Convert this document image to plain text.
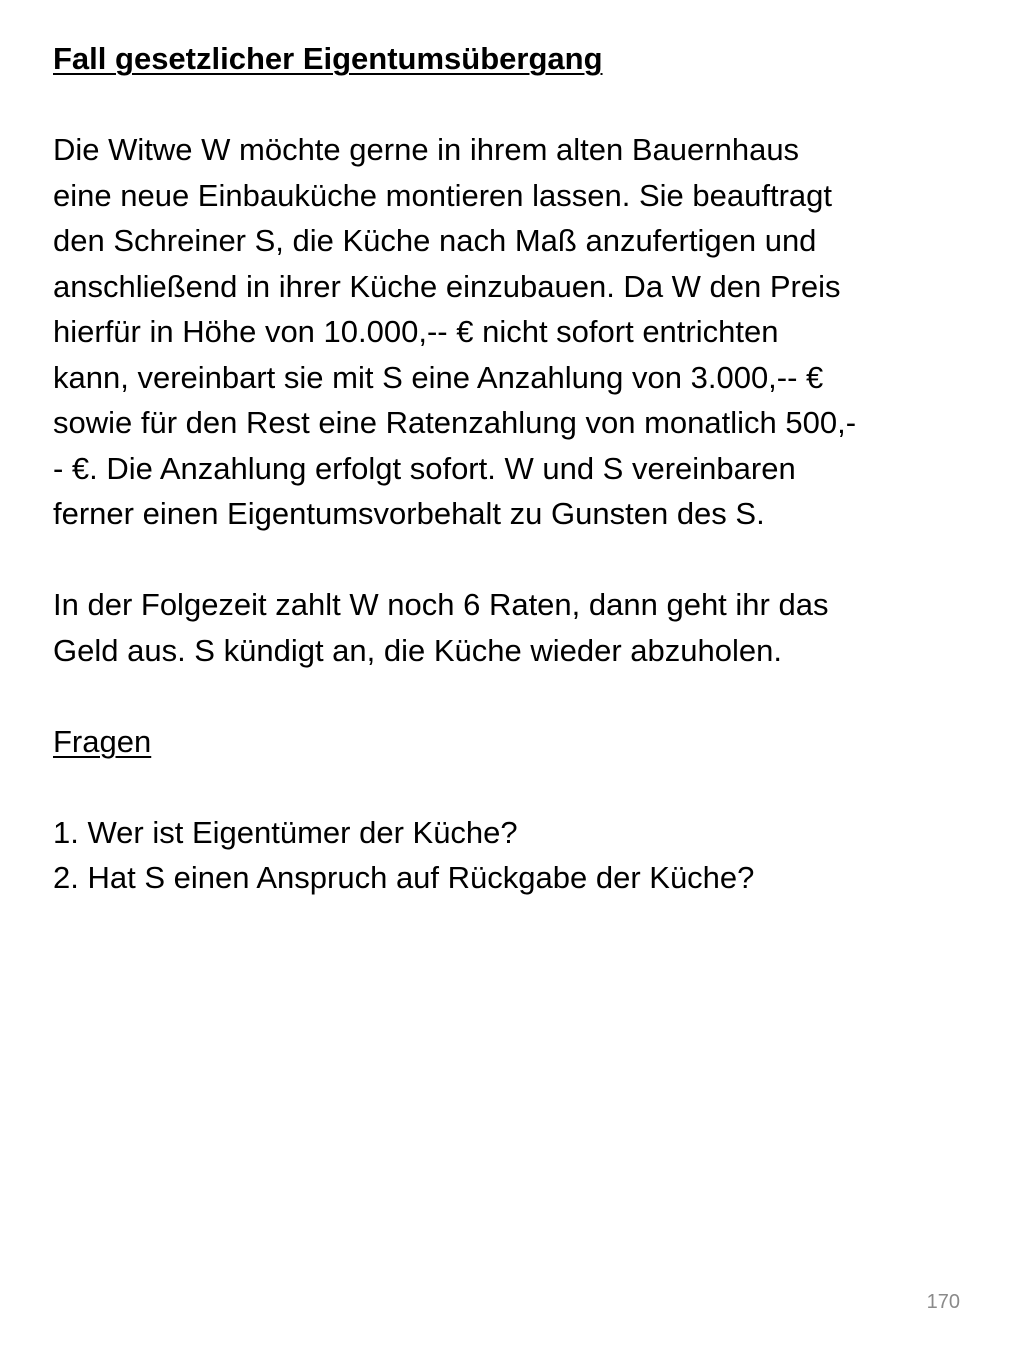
Fall gesetzlicher Eigentumsübergang
Die Witwe W möchte gerne in ihrem alten Bauernhaus
eine neue Einbauküche montieren lassen. Sie beauftragt
den Schreiner S, die Küche nach Maß anzufertigen und
anschließend in ihrer Küche einzubauen. Da W den Preis
hierfür in Höhe von 10.000,-- € nicht sofort entrichten
kann, vereinbart sie mit S eine Anzahlung von 3.000,-- €
sowie für den Rest eine Ratenzahlung von monatlich 500,-
- €. Die Anzahlung erfolgt sofort. W und S vereinbaren
ferner einen Eigentumsvorbehalt zu Gunsten des S.
In der Folgezeit zahlt W noch 6 Raten, dann geht ihr das
Geld aus. S kündigt an, die Küche wieder abzuholen.
Fragen
1. Wer ist Eigentümer der Küche?
2. Hat S einen Anspruch auf Rückgabe der Küche?
170
